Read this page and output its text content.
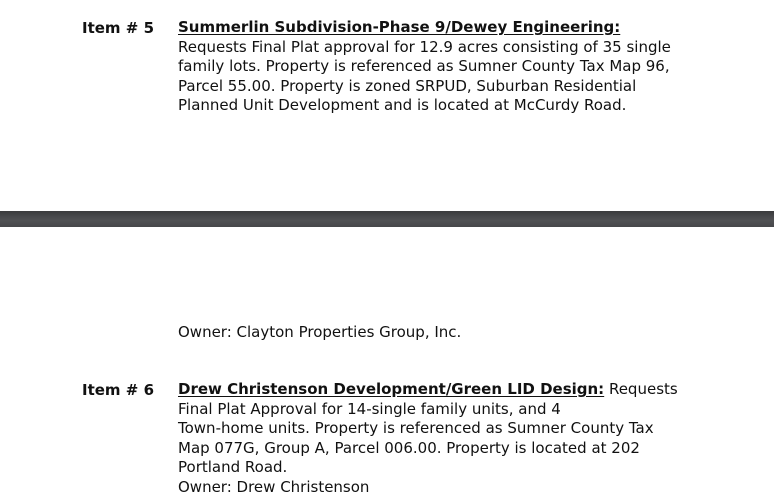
Item # 5 Summerlin Subdivision-Phase 9/Dewey Engineering:
Requests Final Plat approval for 12.9 acres consisting of 35 single
family lots. Property is referenced as Sumner County Tax Map 96,
Parcel 55.00. Property is zoned SRPUD, Suburban Residential
Planned Unit Development and is located at McCurdy Road.
Owner: Clayton Properties Group, Inc.
Item # 6 Drew Christenson Development/Green LID Design: Requests
Final Plat Approval for 14-single family units, and 4
Town-home units. Property is referenced as Sumner County Tax
Map 077G, Group A, Parcel 006.00. Property is located at 202
Portland Road.
Owner: Drew Christenson
